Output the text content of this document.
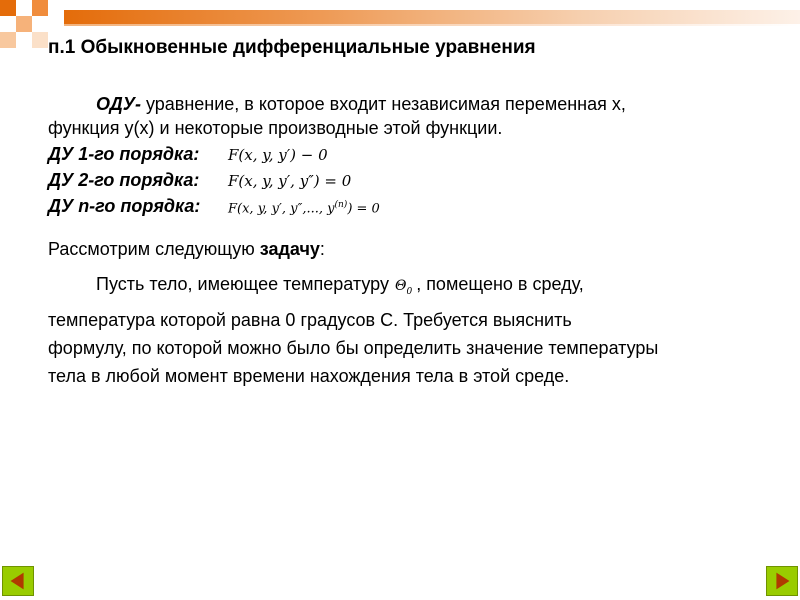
п.1 Обыкновенные дифференциальные уравнения
ОДУ- уравнение, в которое входит независимая переменная x,
функция y(x) и некоторые производные этой функции.
ДУ 1-го порядка: F(x, y, y′) − 0
ДУ 2-го порядка: F(x, y, y′, y″) = 0
ДУ n-го порядка: F(x, y, y′, y″,..., $y^{(n)}) = 0$
Рассмотрим следующую задачу:
Пусть тело, имеющее температуру $\Theta_0$ , помещено в среду,
температура которой равна 0 градусов С. Требуется выяснить
формулу, по которой можно было бы определить значение температуры
тела в любой момент времени нахождения тела в этой среде.
